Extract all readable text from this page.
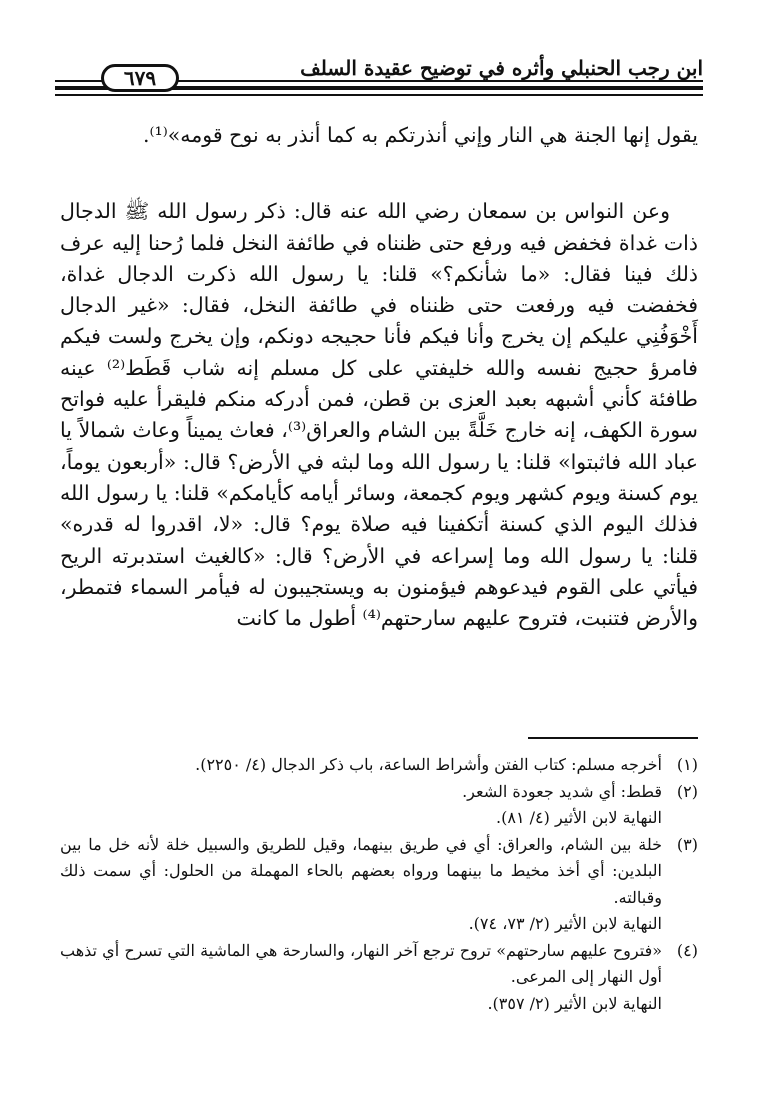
ابن رجب الحنبلي وأثره في توضيح عقيدة السلف
٦٧٩

يقول إنها الجنة هي النار وإني أنذرتكم به كما أنذر به نوح قومه»⁽¹⁾.

وعن النواس بن سمعان رضي الله عنه قال: ذكر رسول الله ﷺ الدجال ذات غداة فخفض فيه ورفع حتى ظنناه في طائفة النخل فلما رُحنا إليه عرف ذلك فينا فقال: «ما شأنكم؟» قلنا: يا رسول الله ذكرت الدجال غداة، فخفضت فيه ورفعت حتى ظنناه في طائفة النخل، فقال: «غير الدجال أَخْوَفُنِي عليكم إن يخرج وأنا فيكم فأنا حجيجه دونكم، وإن يخرج ولست فيكم فامرؤ حجيج نفسه والله خليفتي على كل مسلم إنه شاب قَطَط⁽²⁾ عينه طافئة كأني أشبهه بعبد العزى بن قطن، فمن أدركه منكم فليقرأ عليه فواتح سورة الكهف، إنه خارج خَلَّةً بين الشام والعراق⁽³⁾، فعاث يميناً وعاث شمالاً يا عباد الله فاثبتوا» قلنا: يا رسول الله وما لبثه في الأرض؟ قال: «أربعون يوماً، يوم كسنة ويوم كشهر ويوم كجمعة، وسائر أيامه كأيامكم» قلنا: يا رسول الله فذلك اليوم الذي كسنة أتكفينا فيه صلاة يوم؟ قال: «لا، اقدروا له قدره» قلنا: يا رسول الله وما إسراعه في الأرض؟ قال: «كالغيث استدبرته الريح فيأتي على القوم فيدعوهم فيؤمنون به ويستجيبون له فيأمر السماء فتمطر، والأرض فتنبت، فتروح عليهم سارحتهم⁽⁴⁾ أطول ما كانت

(١)
أخرجه مسلم: كتاب الفتن وأشراط الساعة، باب ذكر الدجال (٤/ ٢٢٥٠).
(٢)
قطط: أي شديد جعودة الشعر.
النهاية لابن الأثير (٤/ ٨١).
(٣)
خلة بين الشام، والعراق: أي في طريق بينهما، وقيل للطريق والسبيل خلة لأنه خل ما بين البلدين: أي أخذ مخيط ما بينهما ورواه بعضهم بالحاء المهملة من الحلول: أي سمت ذلك وقبالته.
النهاية لابن الأثير (٢/ ٧٣، ٧٤).
(٤)
«فتروح عليهم سارحتهم» تروح ترجع آخر النهار، والسارحة هي الماشية التي تسرح أي تذهب أول النهار إلى المرعى.
النهاية لابن الأثير (٢/ ٣٥٧).
